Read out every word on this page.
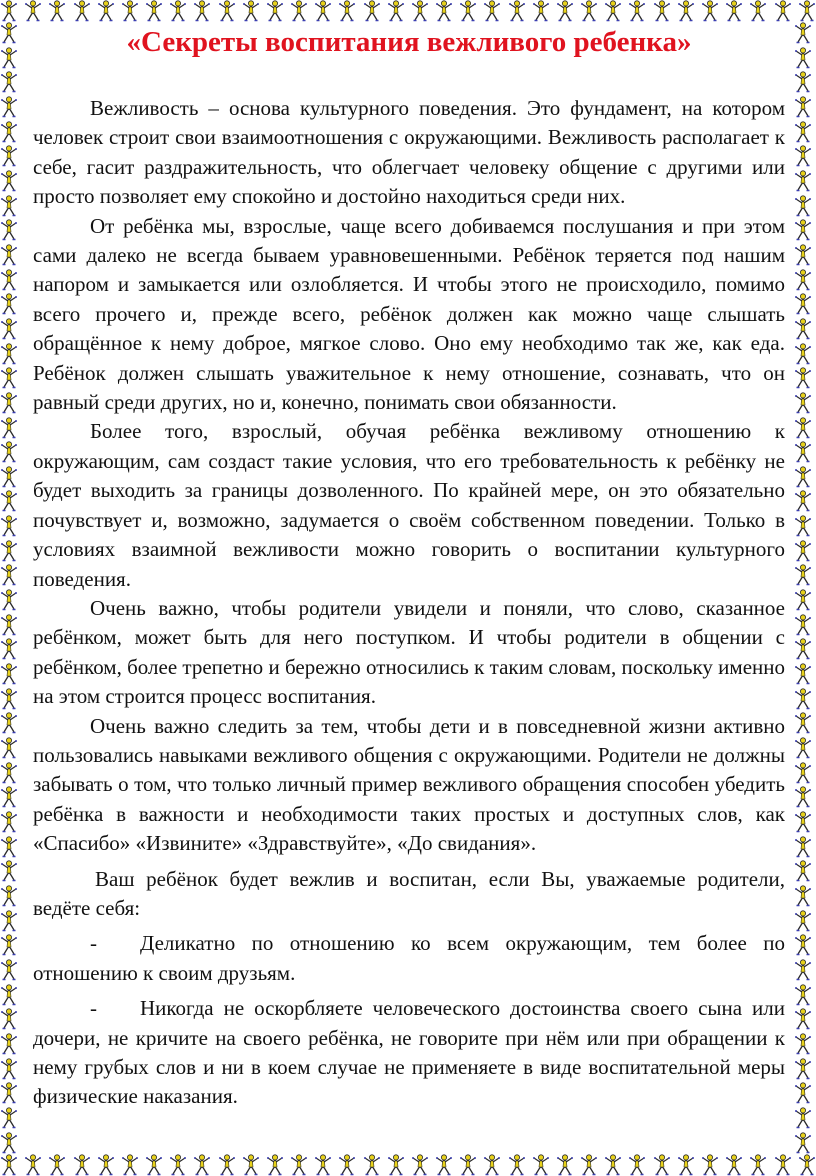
«Секреты воспитания вежливого ребенка»

Вежливость – основа культурного поведения. Это фундамент, на котором человек строит свои взаимоотношения с окружающими. Вежливость располагает к себе, гасит раздражительность, что облегчает человеку общение с другими или просто позволяет ему спокойно и достойно находиться среди них.

От ребёнка мы, взрослые, чаще всего добиваемся послушания и при этом сами далеко не всегда бываем уравновешенными. Ребёнок теряется под нашим напором и замыкается или озлобляется. И чтобы этого не происходило, помимо всего прочего и, прежде всего, ребёнок должен как можно чаще слышать обращённое к нему доброе, мягкое слово. Оно ему необходимо так же, как еда. Ребёнок должен слышать уважительное к нему отношение, сознавать, что он равный среди других, но и, конечно, понимать свои обязанности.

Более того, взрослый, обучая ребёнка вежливому отношению к окружающим, сам создаст такие условия, что его требовательность к ребёнку не будет выходить за границы дозволенного. По крайней мере, он это обязательно почувствует и, возможно, задумается о своём собственном поведении. Только в условиях взаимной вежливости можно говорить о воспитании культурного поведения.

Очень важно, чтобы родители увидели и поняли, что слово, сказанное ребёнком, может быть для него поступком. И чтобы родители в общении с ребёнком, более трепетно и бережно относились к таким словам, поскольку именно на этом строится процесс воспитания.

Очень важно следить за тем, чтобы дети и в повседневной жизни активно пользовались навыками вежливого общения с окружающими. Родители не должны забывать о том, что только личный пример вежливого обращения способен убедить ребёнка в важности и необходимости таких простых и доступных слов, как «Спасибо» «Извините» «Здравствуйте», «До свидания».

Ваш ребёнок будет вежлив и воспитан, если Вы, уважаемые родители, ведёте себя:

- Деликатно по отношению ко всем окружающим, тем более по отношению к своим друзьям.

- Никогда не оскорбляете человеческого достоинства своего сына или дочери, не кричите на своего ребёнка, не говорите при нём или при обращении к нему грубых слов и ни в коем случае не применяете в виде воспитательной меры физические наказания.
